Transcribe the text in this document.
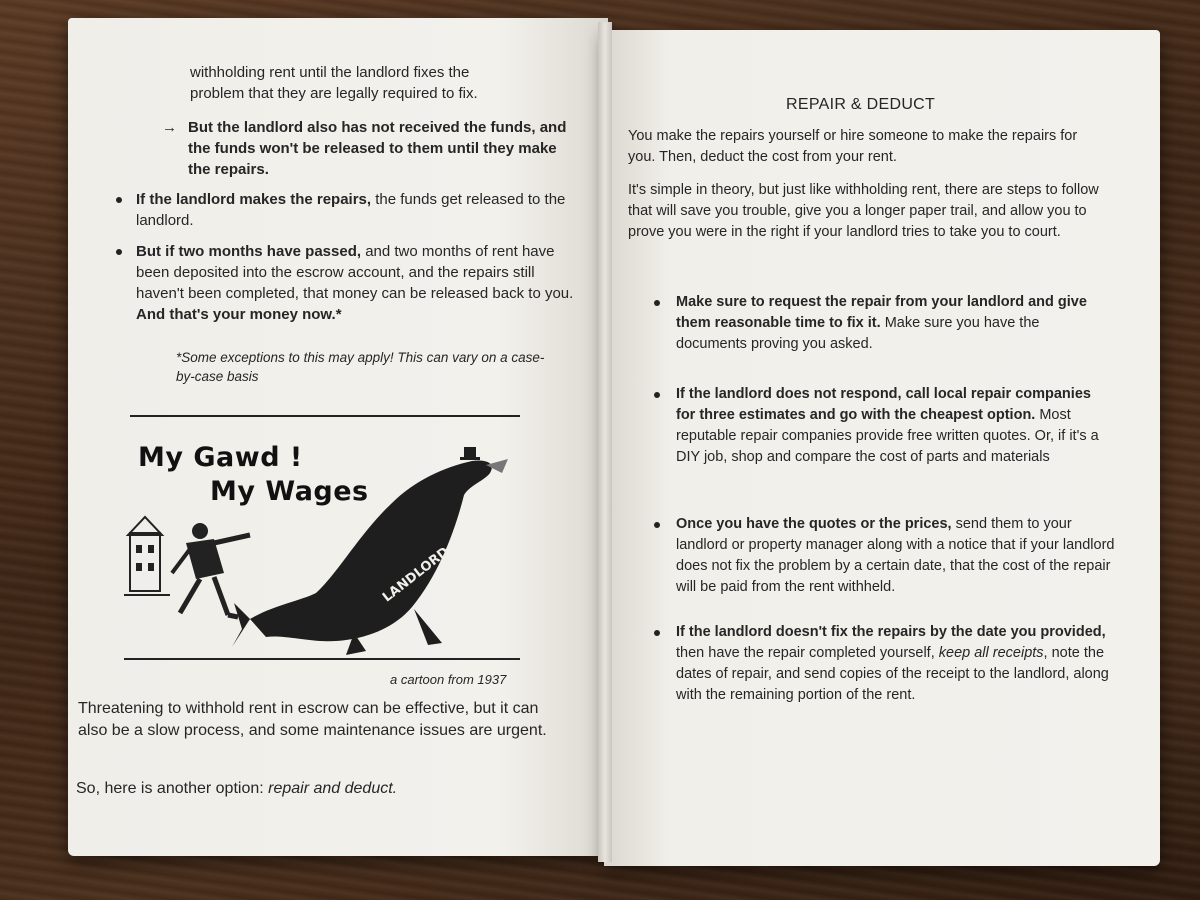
withholding rent until the landlord fixes the problem that they are legally required to fix.

→ But the landlord also has not received the funds, and the funds won't be released to them until they make the repairs.

If the landlord makes the repairs, the funds get released to the landlord.

But if two months have passed, and two months of rent have been deposited into the escrow account, and the repairs still haven't been completed, that money can be released back to you. And that's your money now.*

*Some exceptions to this may apply! This can vary on a case-by-case basis

My Gawd !
My Wages
LANDLORD
a cartoon from 1937

Threatening to withhold rent in escrow can be effective, but it can also be a slow process, and some maintenance issues are urgent.

So, here is another option: repair and deduct.

REPAIR & DEDUCT

You make the repairs yourself or hire someone to make the repairs for you. Then, deduct the cost from your rent.

It's simple in theory, but just like withholding rent, there are steps to follow that will save you trouble, give you a longer paper trail, and allow you to prove you were in the right if your landlord tries to take you to court.

Make sure to request the repair from your landlord and give them reasonable time to fix it. Make sure you have the documents proving you asked.

If the landlord does not respond, call local repair companies for three estimates and go with the cheapest option. Most reputable repair companies provide free written quotes. Or, if it's a DIY job, shop and compare the cost of parts and materials

Once you have the quotes or the prices, send them to your landlord or property manager along with a notice that if your landlord does not fix the problem by a certain date, that the cost of the repair will be paid from the rent withheld.

If the landlord doesn't fix the repairs by the date you provided, then have the repair completed yourself, keep all receipts, note the dates of repair, and send copies of the receipt to the landlord, along with the remaining portion of the rent.
